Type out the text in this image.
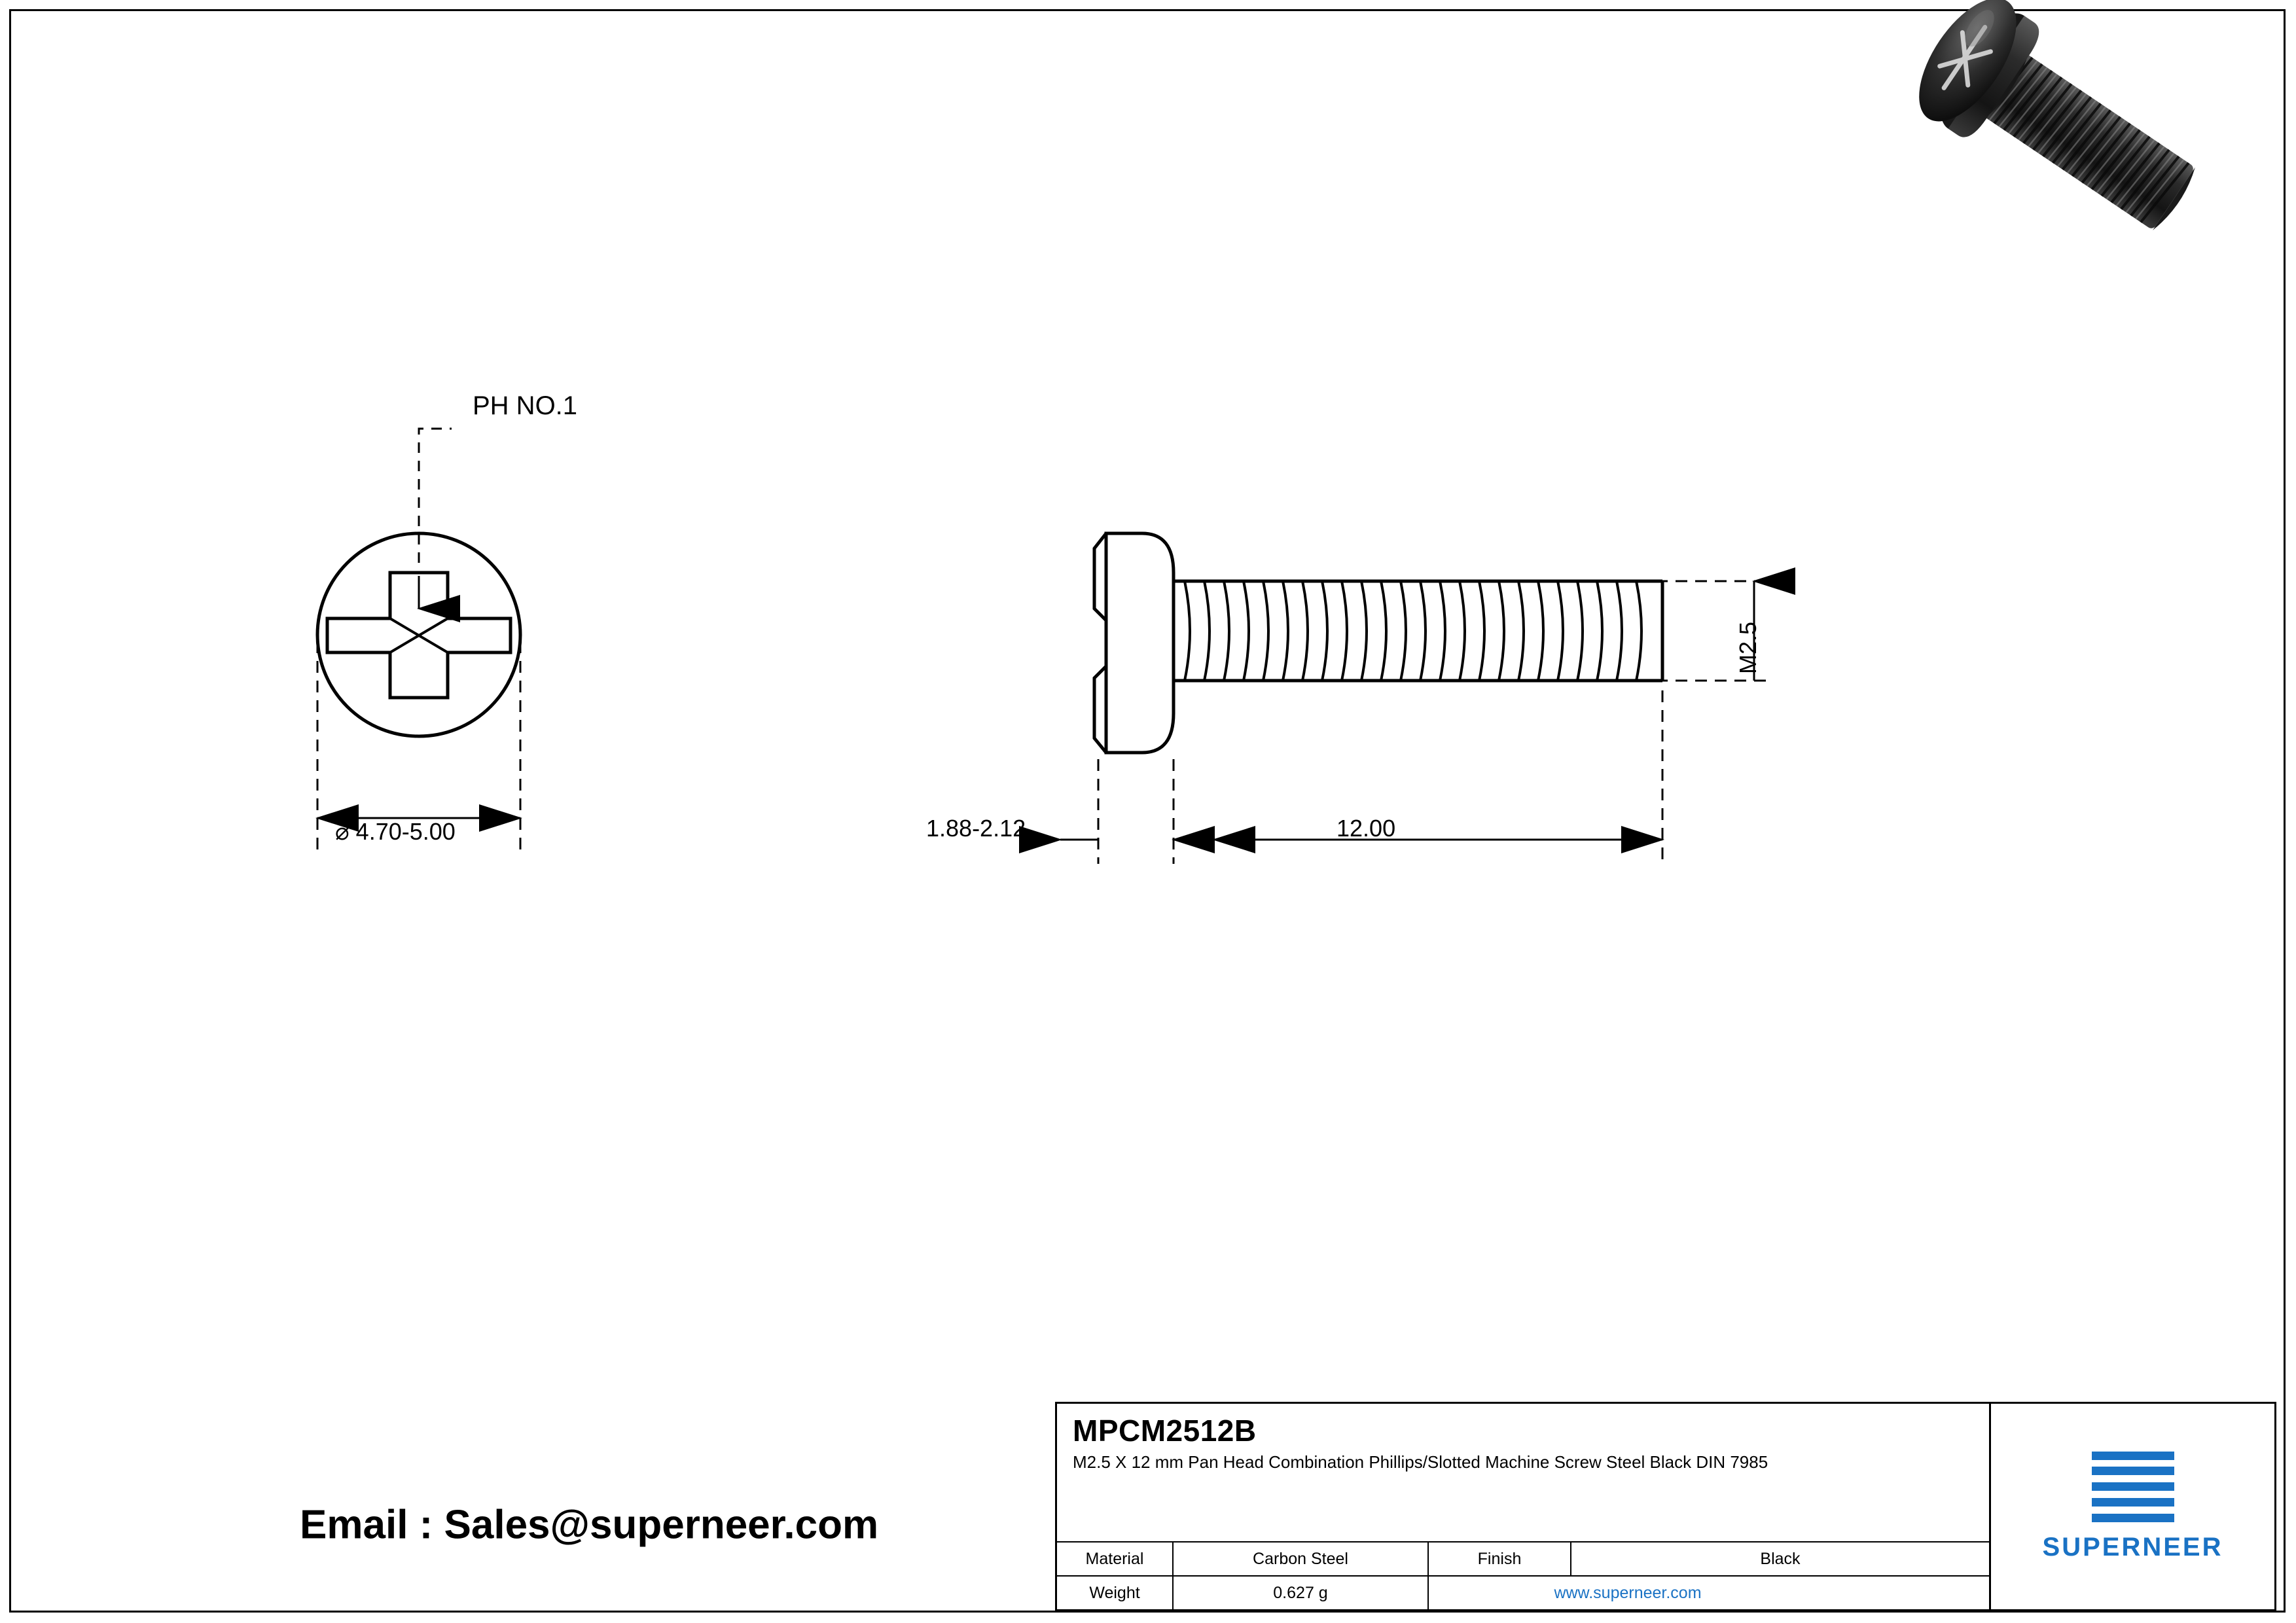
PH NO.1
⌀ 4.70-5.00	1.88-2.12	12.00
M2.5
Email : Sales@superneer.com
MPCM2512B
M2.5 X 12 mm Pan Head Combination Phillips/Slotted Machine Screw Steel Black DIN 7985
Material	Carbon Steel	Finish	Black
Weight	0.627 g	www.superneer.com
SUPERNEER
